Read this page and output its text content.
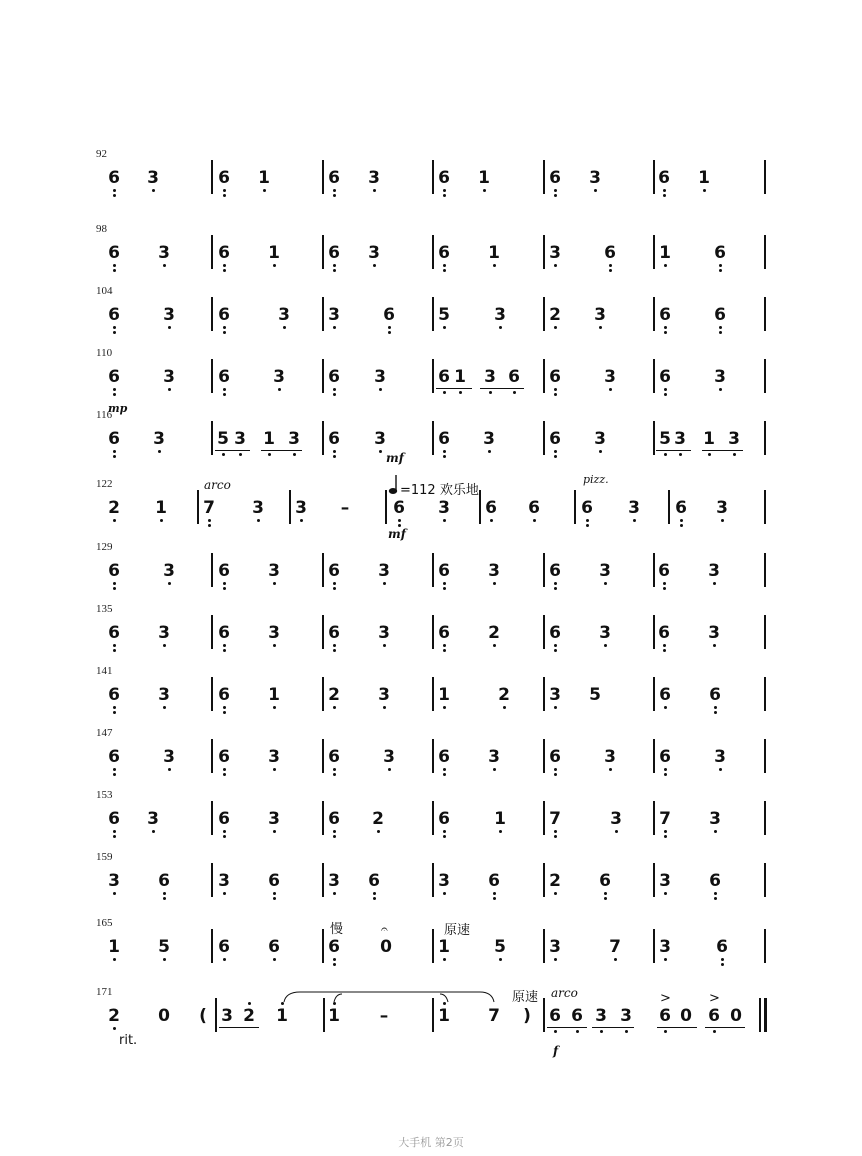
92
6 3	6 1	6 3	6 1	6 3	6 1
98
6 3	6 1	6 3	6 1	3	6	1	6
104
6	3	6	3 3	6	5	3	2 3	6	6
110
6	3	6	3	6 3	6 1 3 6 6	3	6	3
116
6 3	5 3 1 3 6 3	6 3	6 3	5 3 1 3
122
2 1 7 3 3 –	6 3 6 6 6 3 6 3
129
6	3	6 3	6 3	6 3	6 3	6 3
135
6 3	6 3	6 3	6 2	6 3	6 3
141
6 3	6 1	2 3	1	2 3 5	6 6
147
6	3	6 3	6	3	6 3	6	3	6	3
153
6 3	6 3	6 2	6	1	7	3 7 3
159
3 6	3 6	3 6	3 6	2 6	3 6
165
1 5	6 6	6 0	1	5	3	7 3	6
171
2 0 ( 3 2 1 1 –	1 7 ) 6 6 3 3 6 0 6 0
mp
mf
arco	=112 欢乐地
mf
pizz.
慢	𝄐	原速
原速 arco
f
rit.
>	>
大手机 第2页
